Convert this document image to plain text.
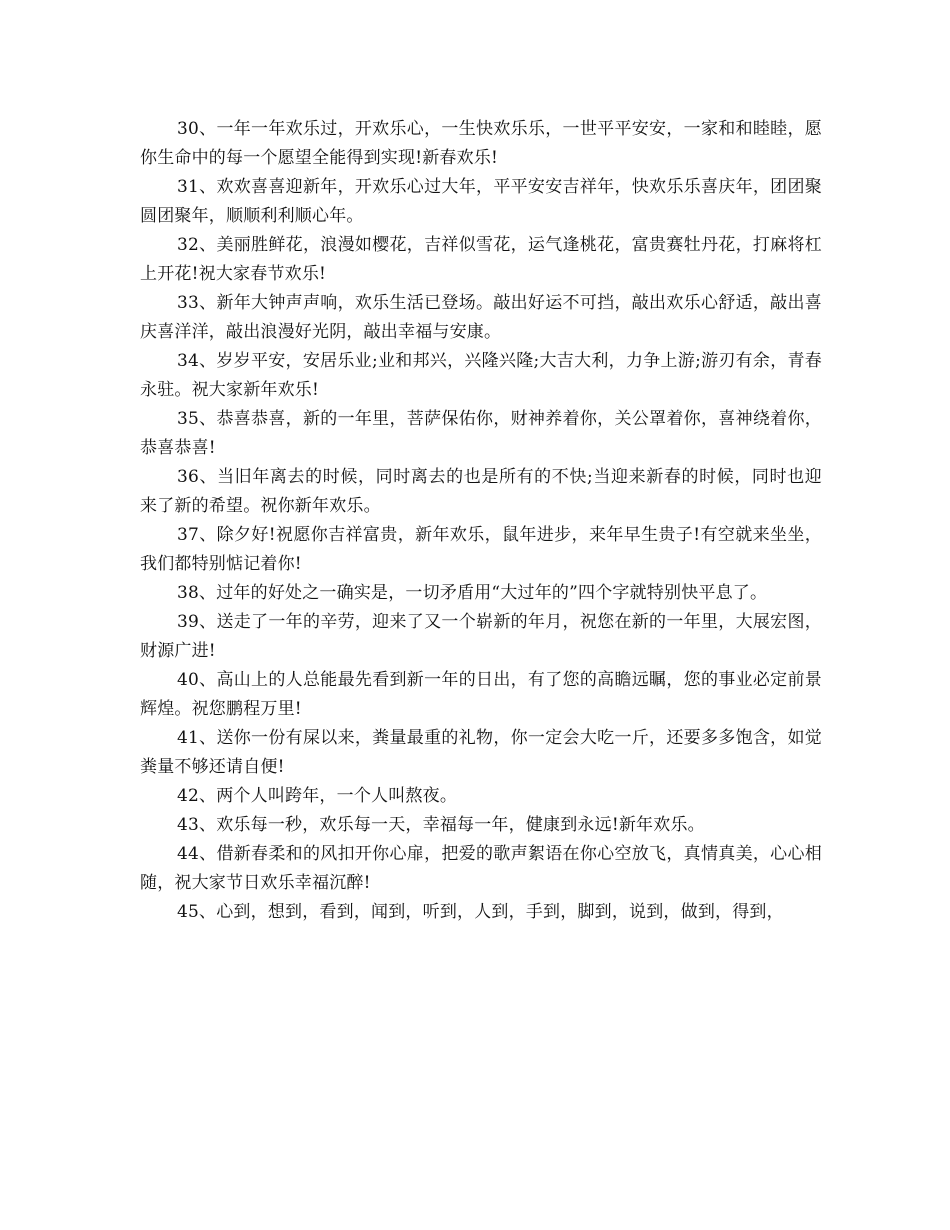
30、一年一年欢乐过，开欢乐心，一生快欢乐乐，一世平平安安，一家和和睦睦，愿你生命中的每一个愿望全能得到实现!新春欢乐!

31、欢欢喜喜迎新年，开欢乐心过大年，平平安安吉祥年，快欢乐乐喜庆年，团团聚圆团聚年，顺顺利利顺心年。

32、美丽胜鲜花，浪漫如樱花，吉祥似雪花，运气逢桃花，富贵赛牡丹花，打麻将杠上开花!祝大家春节欢乐!

33、新年大钟声声响，欢乐生活已登场。敲出好运不可挡，敲出欢乐心舒适，敲出喜庆喜洋洋，敲出浪漫好光阴，敲出幸福与安康。

34、岁岁平安，安居乐业;业和邦兴，兴隆兴隆;大吉大利，力争上游;游刃有余，青春永驻。祝大家新年欢乐!

35、恭喜恭喜，新的一年里，菩萨保佑你，财神养着你，关公罩着你，喜神绕着你，恭喜恭喜!

36、当旧年离去的时候，同时离去的也是所有的不快;当迎来新春的时候，同时也迎来了新的希望。祝你新年欢乐。

37、除夕好!祝愿你吉祥富贵，新年欢乐，鼠年进步，来年早生贵子!有空就来坐坐，我们都特别惦记着你!

38、过年的好处之一确实是，一切矛盾用“大过年的”四个字就特别快平息了。

39、送走了一年的辛劳，迎来了又一个崭新的年月，祝您在新的一年里，大展宏图，财源广进!

40、高山上的人总能最先看到新一年的日出，有了您的高瞻远瞩，您的事业必定前景辉煌。祝您鹏程万里!

41、送你一份有屎以来，粪量最重的礼物，你一定会大吃一斤，还要多多饱含，如觉粪量不够还请自便!

42、两个人叫跨年，一个人叫熬夜。

43、欢乐每一秒，欢乐每一天，幸福每一年，健康到永远!新年欢乐。

44、借新春柔和的风扣开你心扉，把爱的歌声絮语在你心空放飞，真情真美，心心相随，祝大家节日欢乐幸福沉醉!

45、心到，想到，看到，闻到，听到，人到，手到，脚到，说到，做到，得到，
